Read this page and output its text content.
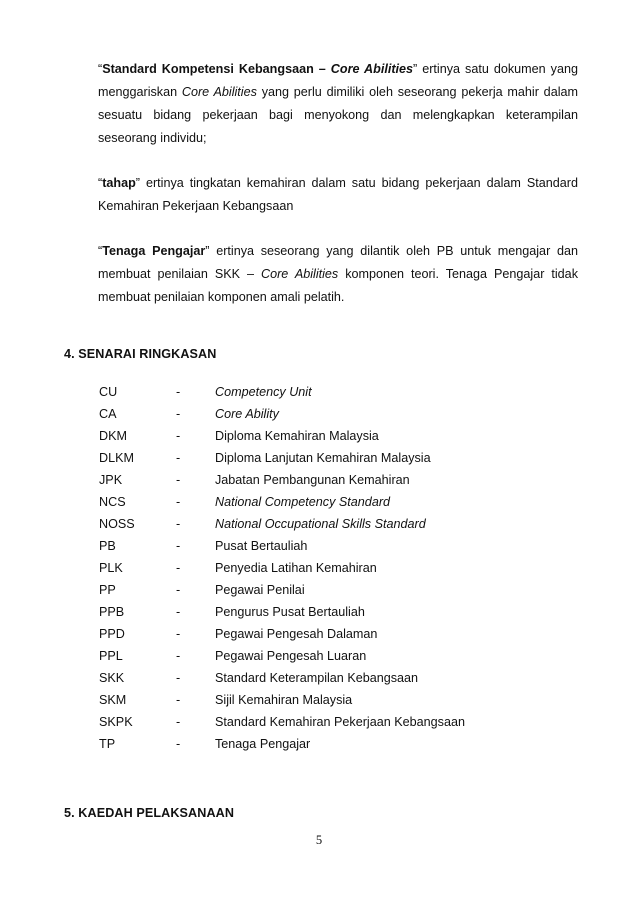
“Standard Kompetensi Kebangsaan – Core Abilities” ertinya satu dokumen yang menggariskan Core Abilities yang perlu dimiliki oleh seseorang pekerja mahir dalam sesuatu bidang pekerjaan bagi menyokong dan melengkapkan keterampilan seseorang individu;

“tahap” ertinya tingkatan kemahiran dalam satu bidang pekerjaan dalam Standard Kemahiran Pekerjaan Kebangsaan

“Tenaga Pengajar” ertinya seseorang yang dilantik oleh PB untuk mengajar dan membuat penilaian SKK – Core Abilities komponen teori. Tenaga Pengajar tidak membuat penilaian komponen amali pelatih.

4. SENARAI RINGKASAN
CU	-	Competency Unit
CA	-	Core Ability
DKM	-	Diploma Kemahiran Malaysia
DLKM	-	Diploma Lanjutan Kemahiran Malaysia
JPK	-	Jabatan Pembangunan Kemahiran
NCS	-	National Competency Standard
NOSS	-	National Occupational Skills Standard
PB	-	Pusat Bertauliah
PLK	-	Penyedia Latihan Kemahiran
PP	-	Pegawai Penilai
PPB	-	Pengurus Pusat Bertauliah
PPD	-	Pegawai Pengesah Dalaman
PPL	-	Pegawai Pengesah Luaran
SKK	-	Standard Keterampilan Kebangsaan
SKM	-	Sijil Kemahiran Malaysia
SKPK	-	Standard Kemahiran Pekerjaan Kebangsaan
TP	-	Tenaga Pengajar
5. KAEDAH PELAKSANAAN
5
